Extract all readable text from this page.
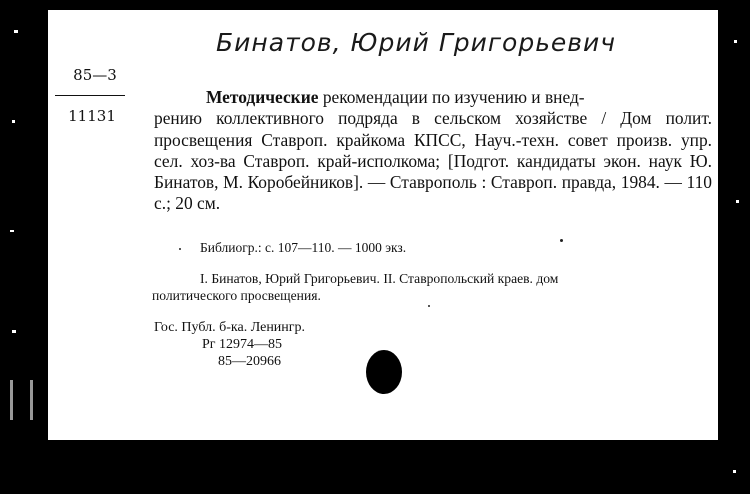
Бинатов, Юрий Григорьевич
85—3
11131
Методические рекомендации по изучению и внед-
рению коллективного подряда в сельском хозяйстве / Дом полит. просвещения Ставроп. крайкома КПСС, Науч.-техн. совет произв. упр. сел. хоз-ва Ставроп. край-исполкома; [Подгот. кандидаты экон. наук Ю. Бинатов, М. Коробейников]. — Ставрополь : Ставроп. правда, 1984. — 110 с.; 20 см.
Библиогр.: с. 107—110. — 1000 экз.
I. Бинатов, Юрий Григорьевич. II. Ставропольский краев. дом
политического просвещения.
Гос. Публ. б-ка. Ленингр.
Рг 12974—85
85—20966
